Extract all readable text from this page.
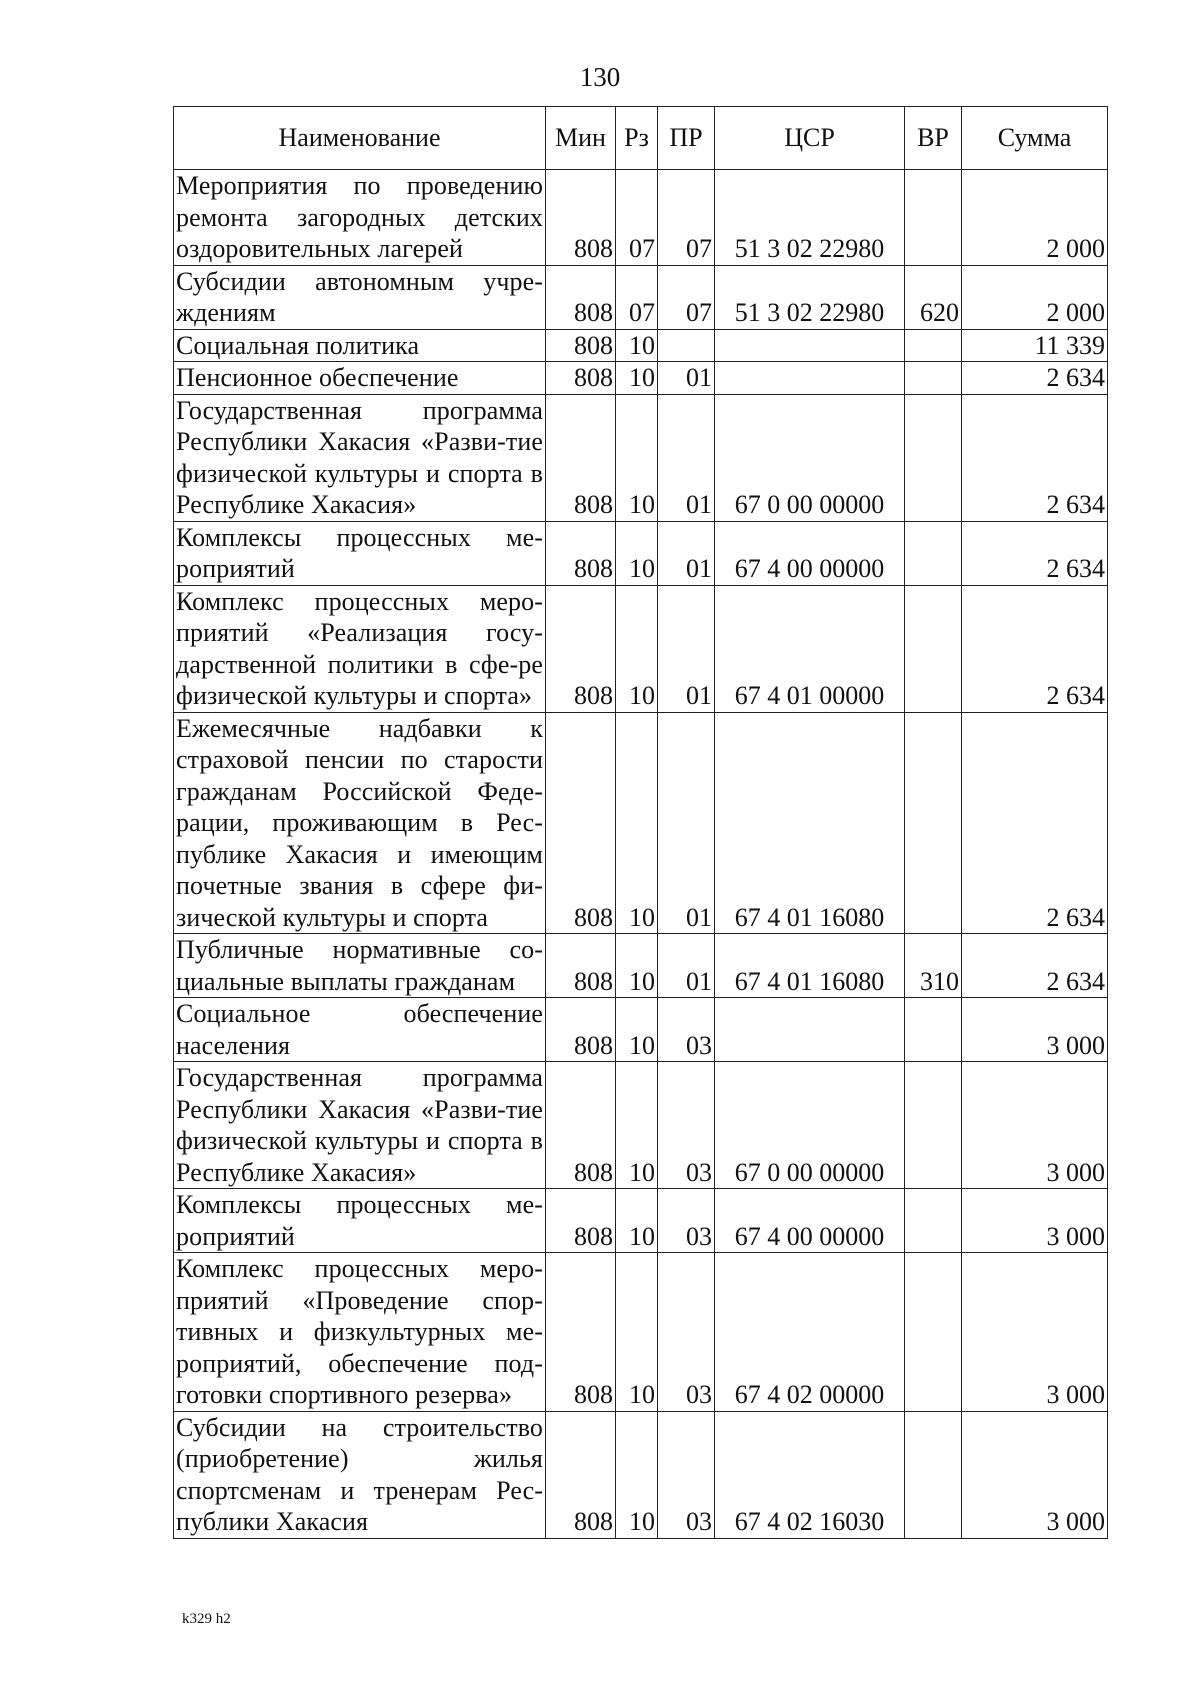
130
Наименование	Мин	Рз	ПР	ЦСР	ВР	Сумма
Мероприятия по проведению ремонта загородных детских оздоровительных лагерей	808	07	07	51 3 02 22980		2 000
Субсидии автономным учре-ждениям	808	07	07	51 3 02 22980	620	2 000
Социальная политика	808	10				11 339
Пенсионное обеспечение	808	10	01			2 634
Государственная программа Республики Хакасия «Разви-тие физической культуры и спорта в Республике Хакасия»	808	10	01	67 0 00 00000		2 634
Комплексы процессных ме-роприятий	808	10	01	67 4 00 00000		2 634
Комплекс процессных меро-приятий «Реализация госу-дарственной политики в сфе-ре физической культуры и спорта»	808	10	01	67 4 01 00000		2 634
Ежемесячные надбавки к страховой пенсии по старости гражданам Российской Феде-рации, проживающим в Рес-публике Хакасия и имеющим почетные звания в сфере фи-зической культуры и спорта	808	10	01	67 4 01 16080		2 634
Публичные нормативные со-циальные выплаты гражданам	808	10	01	67 4 01 16080	310	2 634
Социальное обеспечение населения	808	10	03			3 000
Государственная программа Республики Хакасия «Разви-тие физической культуры и спорта в Республике Хакасия»	808	10	03	67 0 00 00000		3 000
Комплексы процессных ме-роприятий	808	10	03	67 4 00 00000		3 000
Комплекс процессных меро-приятий «Проведение спор-тивных и физкультурных ме-роприятий, обеспечение под-готовки спортивного резерва»	808	10	03	67 4 02 00000		3 000
Субсидии на строительство (приобретение) жилья спортсменам и тренерам Рес-публики Хакасия	808	10	03	67 4 02 16030		3 000
k329 h2
